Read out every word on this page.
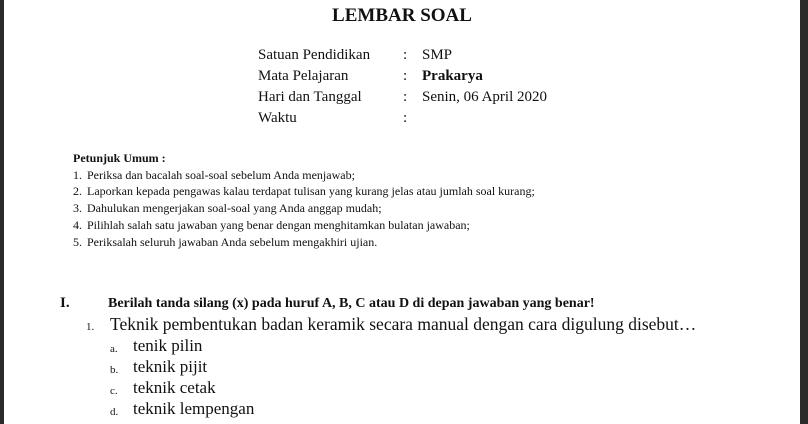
LEMBAR SOAL
Satuan Pendidikan : SMP
Mata Pelajaran	: Prakarya
Hari dan Tanggal	: Senin, 06 April 2020
Waktu	:
Petunjuk Umum :
1. Periksa dan bacalah soal-soal sebelum Anda menjawab;
2. Laporkan kepada pengawas kalau terdapat tulisan yang kurang jelas atau jumlah soal kurang;
3. Dahulukan mengerjakan soal-soal yang Anda anggap mudah;
4. Pilihlah salah satu jawaban yang benar dengan menghitamkan bulatan jawaban;
5. Periksalah seluruh jawaban Anda sebelum mengakhiri ujian.
I.	Berilah tanda silang (x) pada huruf A, B, C atau D di depan jawaban yang benar!
1. Teknik pembentukan badan keramik secara manual dengan cara digulung disebut…
a. tenik pilin
b. teknik pijit
c. teknik cetak
d. teknik lempengan
